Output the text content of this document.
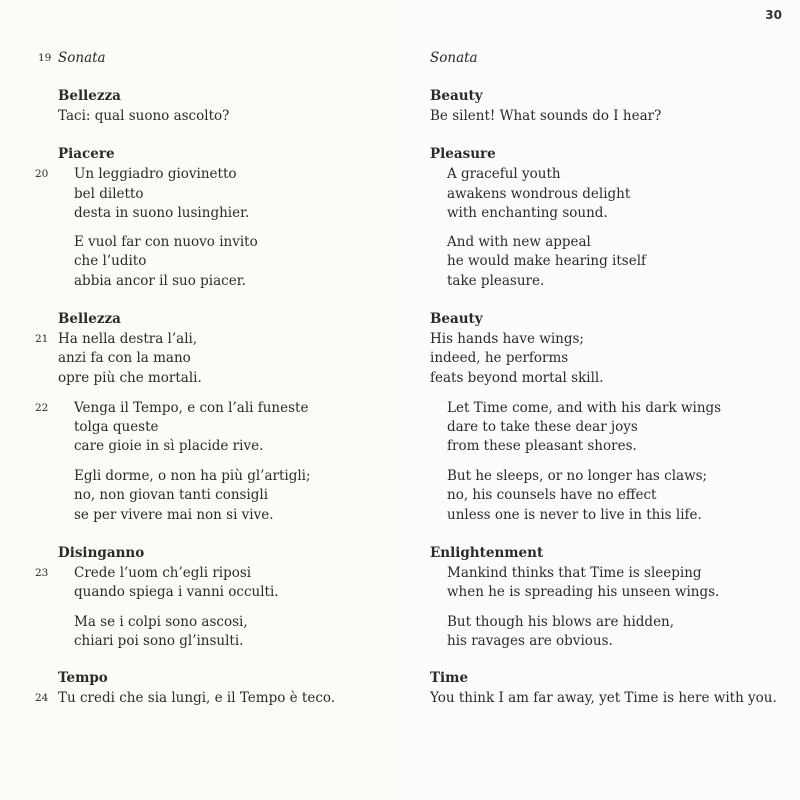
19 Sonata
Bellezza
Taci: qual suono ascolto?
Piacere
20 Un leggiadro giovinetto
bel diletto
desta in suono lusinghier.
E vuol far con nuovo invito
che l’udito
abbia ancor il suo piacer.
Bellezza
21 Ha nella destra l’ali,
anzi fa con la mano
opre più che mortali.
22 Venga il Tempo, e con l’ali funeste
tolga queste
care gioie in sì placide rive.
Egli dorme, o non ha più gl’artigli;
no, non giovan tanti consigli
se per vivere mai non si vive.
Disinganno
23 Crede l’uom ch’egli riposi
quando spiega i vanni occulti.
Ma se i colpi sono ascosi,
chiari poi sono gl’insulti.
Tempo
24 Tu credi che sia lungi, e il Tempo è teco.
30
Sonata
Beauty
Be silent! What sounds do I hear?
Pleasure
A graceful youth
awakens wondrous delight
with enchanting sound.
And with new appeal
he would make hearing itself
take pleasure.
Beauty
His hands have wings;
indeed, he performs
feats beyond mortal skill.
Let Time come, and with his dark wings
dare to take these dear joys
from these pleasant shores.
But he sleeps, or no longer has claws;
no, his counsels have no effect
unless one is never to live in this life.
Enlightenment
Mankind thinks that Time is sleeping
when he is spreading his unseen wings.
But though his blows are hidden,
his ravages are obvious.
Time
You think I am far away, yet Time is here with you.
